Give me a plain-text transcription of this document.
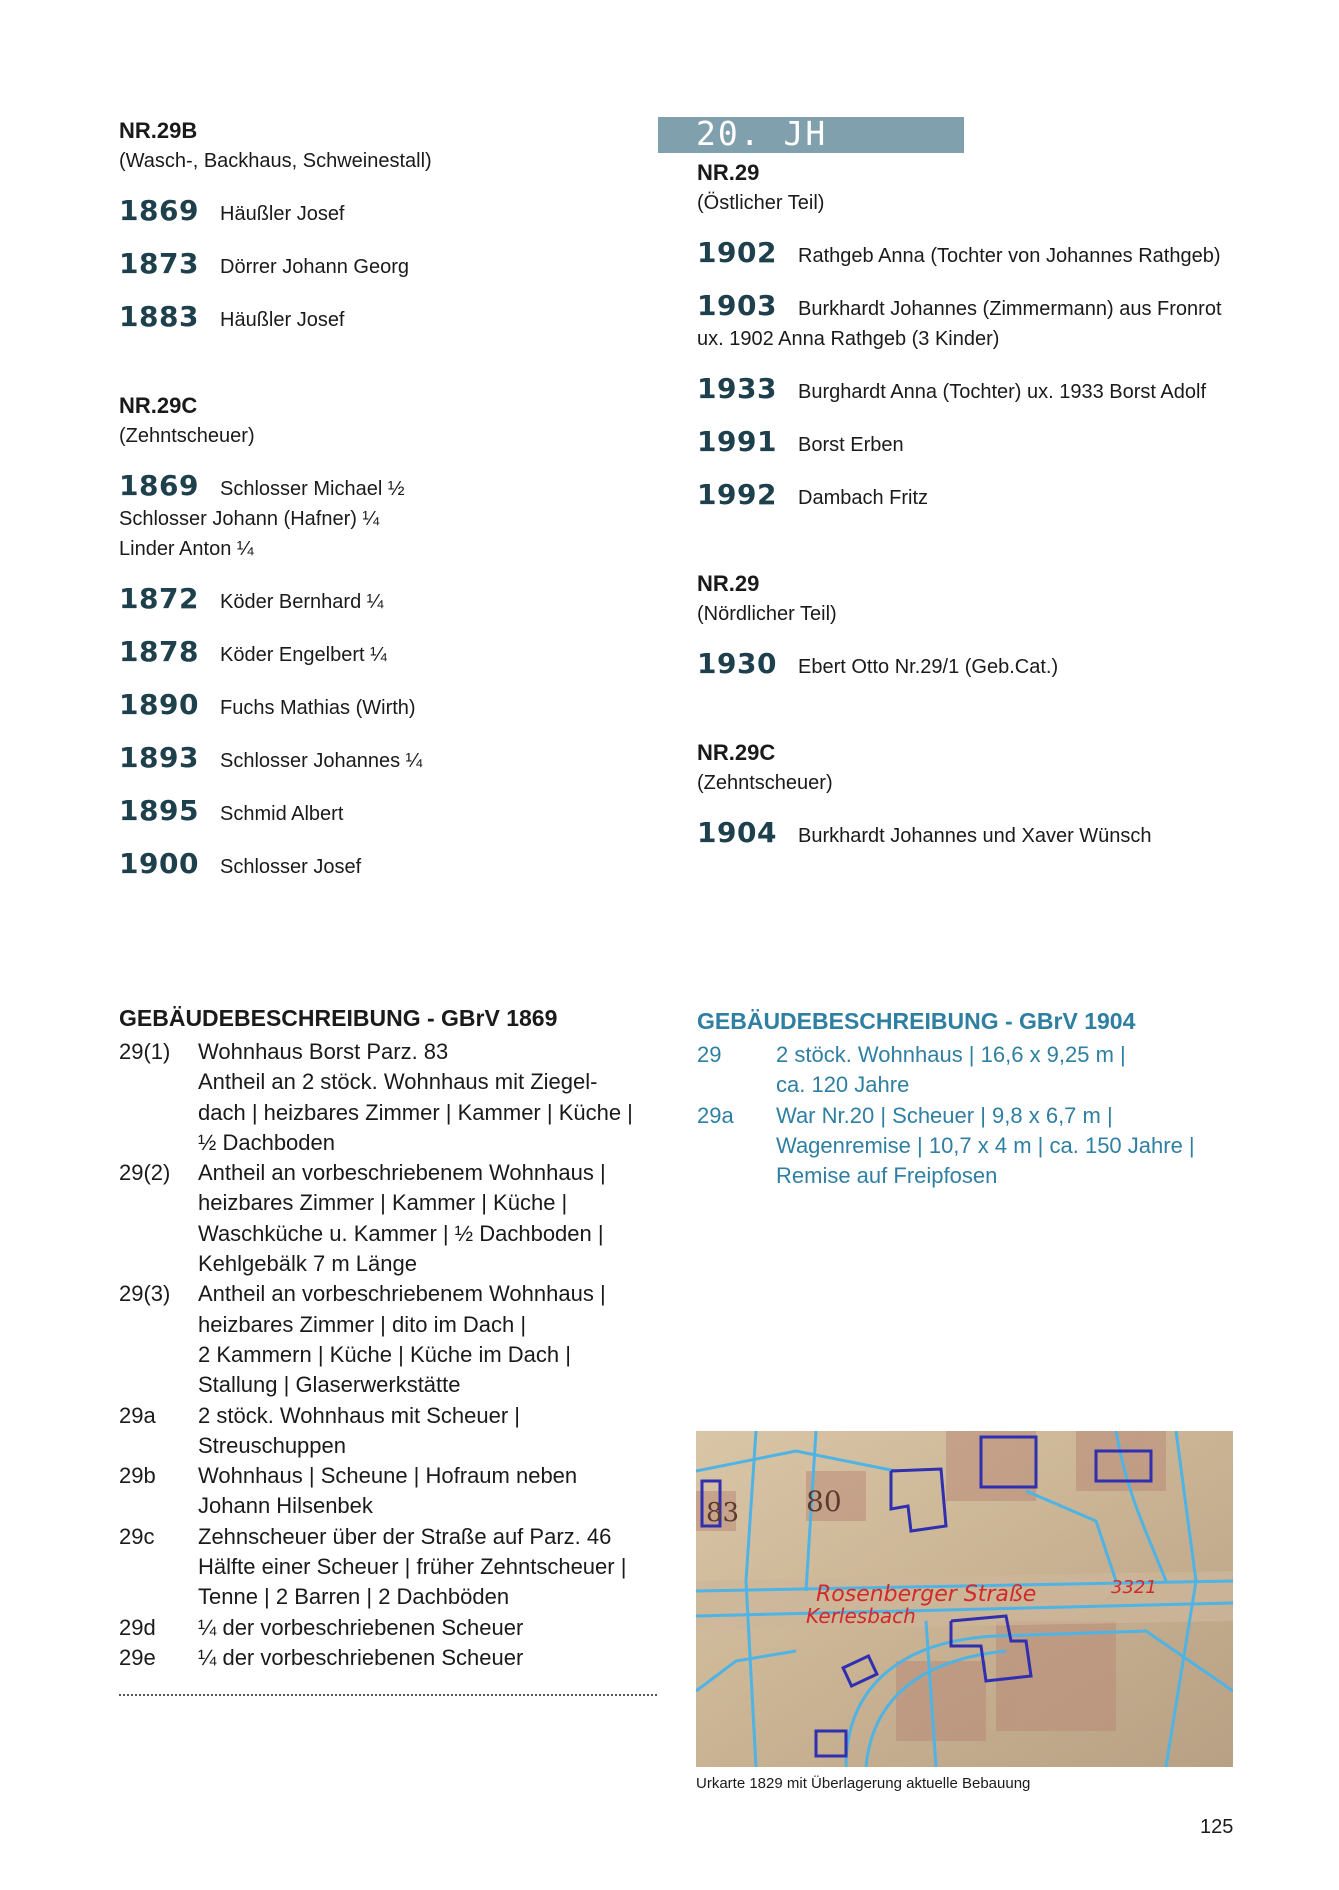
NR.29B
(Wasch-, Backhaus, Schweinestall)
1869	Häußler Josef
1873	Dörrer Johann Georg
1883	Häußler Josef
NR.29C
(Zehntscheuer)
1869	Schlosser Michael ½
Schlosser Johann (Hafner) ¼
Linder Anton ¼
1872	Köder Bernhard ¼
1878	Köder Engelbert ¼
1890	Fuchs Mathias (Wirth)
1893	Schlosser Johannes ¼
1895	Schmid Albert
1900	Schlosser Josef
20. JH
NR.29
(Östlicher Teil)
1902	Rathgeb Anna (Tochter von Johannes Rathgeb)
1903	Burkhardt Johannes (Zimmermann) aus Fronrot
ux. 1902 Anna Rathgeb (3 Kinder)
1933	Burghardt Anna (Tochter) ux. 1933 Borst Adolf
1991	Borst Erben
1992	Dambach Fritz
NR.29
(Nördlicher Teil)
1930	Ebert Otto Nr.29/1 (Geb.Cat.)
NR.29C
(Zehntscheuer)
1904	Burkhardt Johannes und Xaver Wünsch
GEBÄUDEBESCHREIBUNG - GBrV 1869
29(1)	Wohnhaus Borst Parz. 83
Antheil an 2 stöck. Wohnhaus mit Ziegel-
dach | heizbares Zimmer | Kammer | Küche |
½ Dachboden
29(2)	Antheil an vorbeschriebenem Wohnhaus |
heizbares Zimmer | Kammer | Küche |
Waschküche u. Kammer | ½ Dachboden |
Kehlgebälk 7 m Länge
29(3)	Antheil an vorbeschriebenem Wohnhaus |
heizbares Zimmer | dito im Dach |
2 Kammern | Küche | Küche im Dach |
Stallung | Glaserwerkstätte
29a	2 stöck. Wohnhaus mit Scheuer |
Streuschuppen
29b	Wohnhaus | Scheune | Hofraum neben
Johann Hilsenbek
29c	Zehnscheuer über der Straße auf Parz. 46
Hälfte einer Scheuer | früher Zehntscheuer |
Tenne | 2 Barren | 2 Dachböden
29d	¼ der vorbeschriebenen Scheuer
29e	¼ der vorbeschriebenen Scheuer
GEBÄUDEBESCHREIBUNG - GBrV 1904
29	2 stöck. Wohnhaus | 16,6 x 9,25 m |
ca. 120 Jahre
29a	War Nr.20 | Scheuer | 9,8 x 6,7 m |
Wagenremise | 10,7 x 4 m | ca. 150 Jahre |
Remise auf Freipfosen
Rosenberger Straße
Kerlesbach
3321
80
83
Urkarte 1829 mit Überlagerung aktuelle Bebauung
125
